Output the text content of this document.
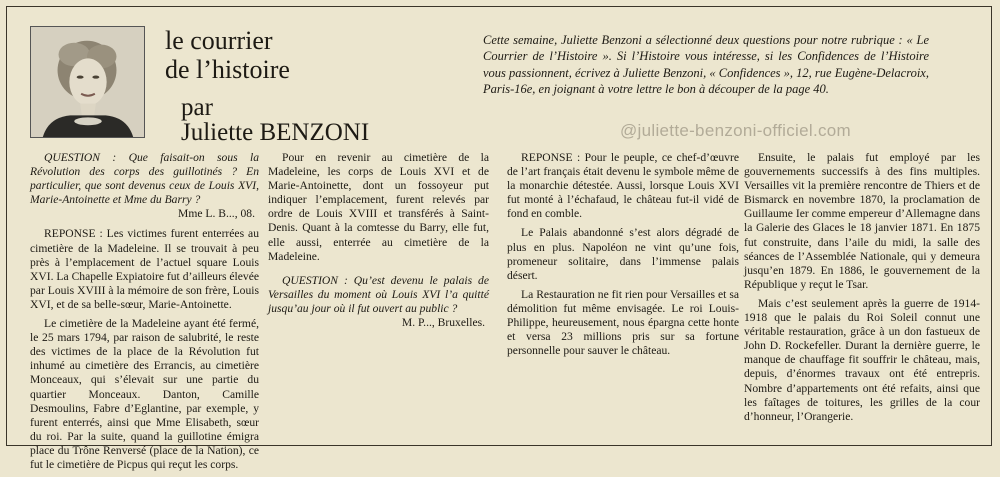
le courrier
de l’histoire
par
Juliette BENZONI
Cette semaine, Juliette Benzoni a sélectionné deux questions pour notre rubrique : « Le Courrier de l’Histoire ». Si l’Histoire vous intéresse, si les Confidences de l’Histoire vous passionnent, écrivez à Juliette Benzoni, « Confidences », 12, rue Eugène-Delacroix, Paris-16e, en joignant à votre lettre le bon à découper de la page 40.
@juliette-benzoni-officiel.com

QUESTION : Que faisait-on sous la Révolution des corps des guillotinés ? En particulier, que sont devenus ceux de Louis XVI, Marie-Antoinette et Mme du Barry ?

Mme L. B..., 08.

REPONSE : Les victimes furent enterrées au cimetière de la Madeleine. Il se trouvait à peu près à l’emplacement de l’actuel square Louis XVI. La Chapelle Expiatoire fut d’ailleurs élevée par Louis XVIII à la mémoire de son frère, Louis XVI, et de sa belle-sœur, Marie-Antoinette.

Le cimetière de la Madeleine ayant été fermé, le 25 mars 1794, par raison de salubrité, le reste des victimes de la place de la Révolution fut inhumé au cimetière des Errancis, au cimetière Monceaux, qui s’élevait sur une partie du quartier Monceaux. Danton, Camille Desmoulins, Fabre d’Eglantine, par exemple, y furent enterrés, ainsi que Mme Elisabeth, sœur du roi. Par la suite, quand la guillotine émigra place du Trône Renversé (place de la Nation), ce fut le cimetière de Picpus qui reçut les corps.

Pour en revenir au cimetière de la Madeleine, les corps de Louis XVI et de Marie-Antoinette, dont un fossoyeur put indiquer l’emplacement, furent relevés par ordre de Louis XVIII et transférés à Saint-Denis. Quant à la comtesse du Barry, elle fut, elle aussi, enterrée au cimetière de la Madeleine.

QUESTION : Qu’est devenu le palais de Versailles du moment où Louis XVI l’a quitté jusqu’au jour où il fut ouvert au public ?

M. P..., Bruxelles.

REPONSE : Pour le peuple, ce chef-d’œuvre de l’art français était devenu le symbole même de la monarchie détestée. Aussi, lorsque Louis XVI fut monté à l’échafaud, le château fut-il vidé de fond en comble.

Le Palais abandonné s’est alors dégradé de plus en plus. Napoléon ne vint qu’une fois, promeneur solitaire, dans l’immense palais désert.

La Restauration ne fit rien pour Versailles et sa démolition fut même envisagée. Le roi Louis-Philippe, heureusement, nous épargna cette honte et versa 23 millions pris sur sa fortune personnelle pour sauver le château.

Ensuite, le palais fut employé par les gouvernements successifs à des fins multiples. Versailles vit la première rencontre de Thiers et de Bismarck en novembre 1870, la proclamation de Guillaume Ier comme empereur d’Allemagne dans la Galerie des Glaces le 18 janvier 1871. En 1875 fut construite, dans l’aile du midi, la salle des séances de l’Assemblée Nationale, qui y demeura jusqu’en 1879. En 1886, le gouvernement de la République y reçut le Tsar.

Mais c’est seulement après la guerre de 1914-1918 que le palais du Roi Soleil connut une véritable restauration, grâce à un don fastueux de John D. Rockefeller. Durant la dernière guerre, le manque de chauffage fit souffrir le château, mais, depuis, d’énormes travaux ont été entrepris. Nombre d’appartements ont été refaits, ainsi que les faîtages de toitures, les grilles de la cour d’honneur, l’Orangerie.
